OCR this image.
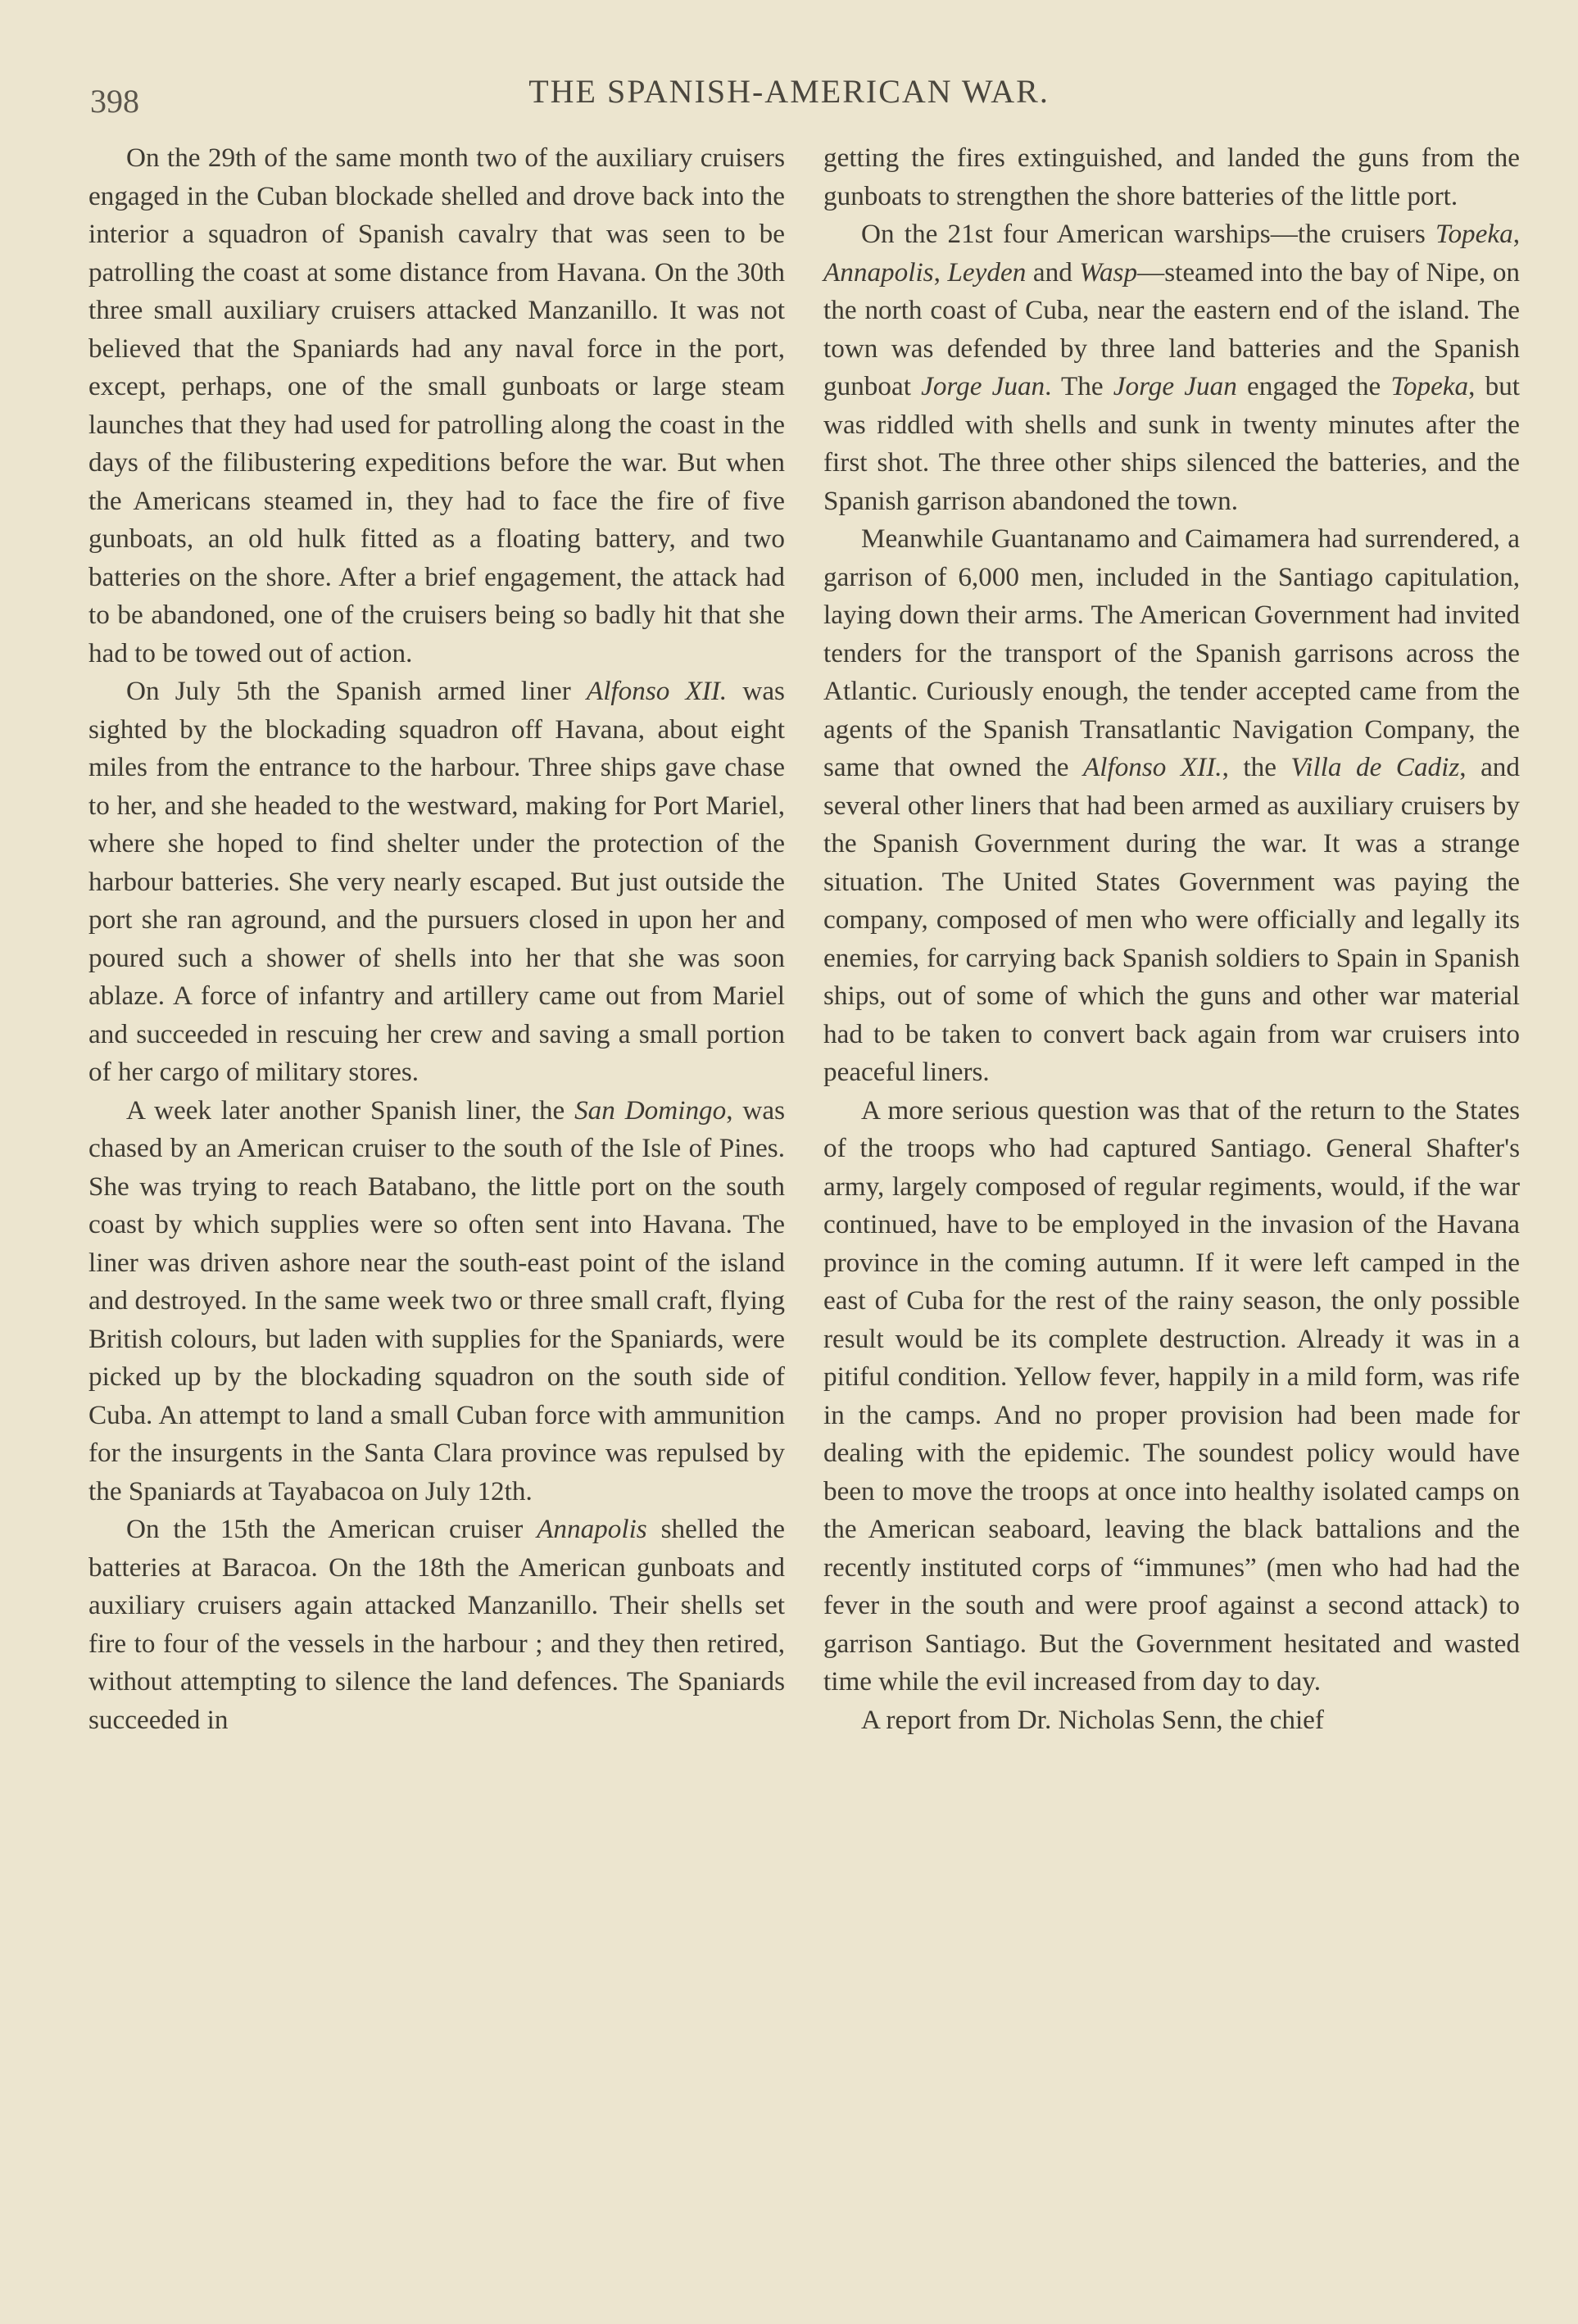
398	THE SPANISH-AMERICAN WAR.

On the 29th of the same month two of the auxiliary cruisers engaged in the Cuban blockade shelled and drove back into the interior a squadron of Spanish cavalry that was seen to be patrolling the coast at some distance from Havana. On the 30th three small auxiliary cruisers attacked Manzanillo. It was not believed that the Spaniards had any naval force in the port, except, perhaps, one of the small gunboats or large steam launches that they had used for patrolling along the coast in the days of the filibustering expeditions before the war. But when the Americans steamed in, they had to face the fire of five gunboats, an old hulk fitted as a floating battery, and two batteries on the shore. After a brief engagement, the attack had to be abandoned, one of the cruisers being so badly hit that she had to be towed out of action.

On July 5th the Spanish armed liner Alfonso XII. was sighted by the blockading squadron off Havana, about eight miles from the entrance to the harbour. Three ships gave chase to her, and she headed to the westward, making for Port Mariel, where she hoped to find shelter under the protection of the harbour batteries. She very nearly escaped. But just outside the port she ran aground, and the pursuers closed in upon her and poured such a shower of shells into her that she was soon ablaze. A force of infantry and artillery came out from Mariel and succeeded in rescuing her crew and saving a small portion of her cargo of military stores.

A week later another Spanish liner, the San Domingo, was chased by an American cruiser to the south of the Isle of Pines. She was trying to reach Batabano, the little port on the south coast by which supplies were so often sent into Havana. The liner was driven ashore near the south-east point of the island and destroyed. In the same week two or three small craft, flying British colours, but laden with supplies for the Spaniards, were picked up by the blockading squadron on the south side of Cuba. An attempt to land a small Cuban force with ammunition for the insurgents in the Santa Clara province was repulsed by the Spaniards at Tayabacoa on July 12th.

On the 15th the American cruiser Annapolis shelled the batteries at Baracoa. On the 18th the American gunboats and auxiliary cruisers again attacked Manzanillo. Their shells set fire to four of the vessels in the harbour ; and they then retired, without attempting to silence the land defences. The Spaniards succeeded in

getting the fires extinguished, and landed the guns from the gunboats to strengthen the shore batteries of the little port.

On the 21st four American warships—the cruisers Topeka, Annapolis, Leyden and Wasp—steamed into the bay of Nipe, on the north coast of Cuba, near the eastern end of the island. The town was defended by three land batteries and the Spanish gunboat Jorge Juan. The Jorge Juan engaged the Topeka, but was riddled with shells and sunk in twenty minutes after the first shot. The three other ships silenced the batteries, and the Spanish garrison abandoned the town.

Meanwhile Guantanamo and Caimamera had surrendered, a garrison of 6,000 men, included in the Santiago capitulation, laying down their arms. The American Government had invited tenders for the transport of the Spanish garrisons across the Atlantic. Curiously enough, the tender accepted came from the agents of the Spanish Transatlantic Navigation Company, the same that owned the Alfonso XII., the Villa de Cadiz, and several other liners that had been armed as auxiliary cruisers by the Spanish Government during the war. It was a strange situation. The United States Government was paying the company, composed of men who were officially and legally its enemies, for carrying back Spanish soldiers to Spain in Spanish ships, out of some of which the guns and other war material had to be taken to convert back again from war cruisers into peaceful liners.

A more serious question was that of the return to the States of the troops who had captured Santiago. General Shafter's army, largely composed of regular regiments, would, if the war continued, have to be employed in the invasion of the Havana province in the coming autumn. If it were left camped in the east of Cuba for the rest of the rainy season, the only possible result would be its complete destruction. Already it was in a pitiful condition. Yellow fever, happily in a mild form, was rife in the camps. And no proper provision had been made for dealing with the epidemic. The soundest policy would have been to move the troops at once into healthy isolated camps on the American seaboard, leaving the black battalions and the recently instituted corps of “immunes” (men who had had the fever in the south and were proof against a second attack) to garrison Santiago. But the Government hesitated and wasted time while the evil increased from day to day.

A report from Dr. Nicholas Senn, the chief
